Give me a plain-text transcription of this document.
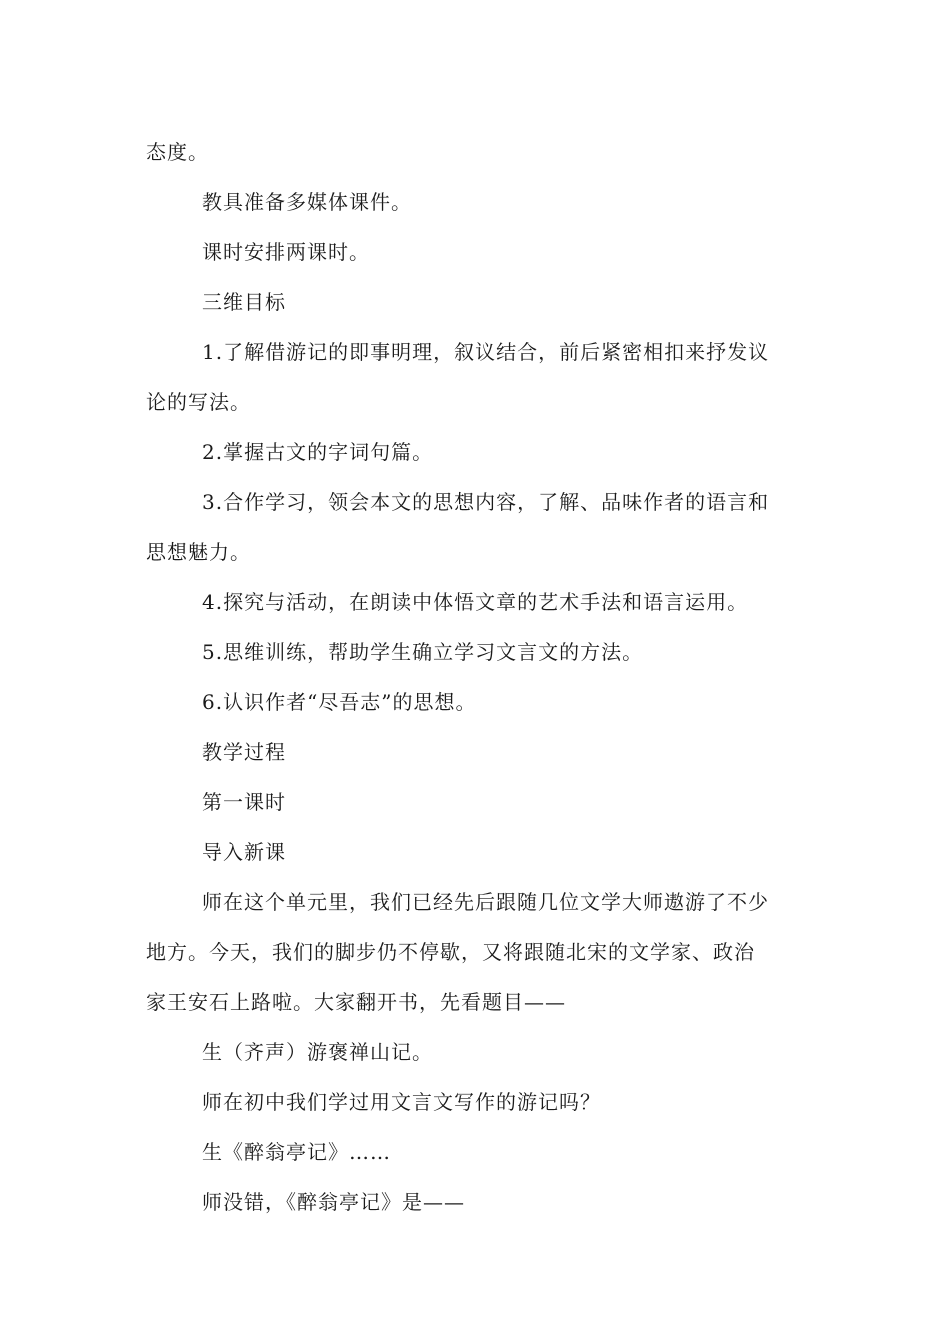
态度。
教具准备多媒体课件。
课时安排两课时。
三维目标
1.了解借游记的即事明理，叙议结合，前后紧密相扣来抒发议
论的写法。
2.掌握古文的字词句篇。
3.合作学习，领会本文的思想内容，了解、品味作者的语言和
思想魅力。
4.探究与活动，在朗读中体悟文章的艺术手法和语言运用。
5.思维训练，帮助学生确立学习文言文的方法。
6.认识作者“尽吾志”的思想。
教学过程
第一课时
导入新课
师在这个单元里，我们已经先后跟随几位文学大师遨游了不少
地方。今天，我们的脚步仍不停歇，又将跟随北宋的文学家、政治
家王安石上路啦。大家翻开书，先看题目——
生（齐声）游褒禅山记。
师在初中我们学过用文言文写作的游记吗？
生《醉翁亭记》……
师没错，《醉翁亭记》是——
